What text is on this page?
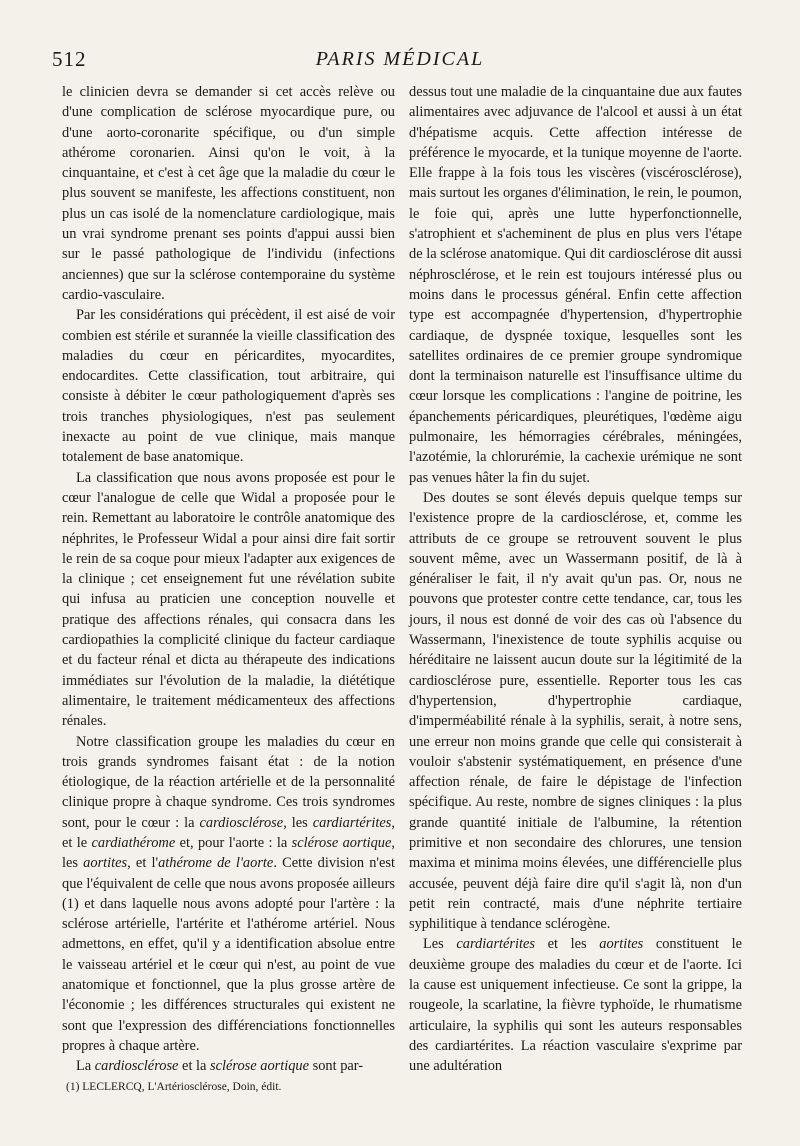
512	PARIS MÉDICAL

le clinicien devra se demander si cet accès relève ou d'une complication de sclérose myocardique pure, ou d'une aorto-coronarite spécifique, ou d'un simple athérome coronarien. Ainsi qu'on le voit, à la cinquantaine, et c'est à cet âge que la maladie du cœur le plus souvent se manifeste, les affections constituent, non plus un cas isolé de la nomenclature cardiologique, mais un vrai syndrome prenant ses points d'appui aussi bien sur le passé pathologique de l'individu (infections anciennes) que sur la sclérose contemporaine du système cardio-vasculaire.

Par les considérations qui précèdent, il est aisé de voir combien est stérile et surannée la vieille classification des maladies du cœur en péricardites, myocardites, endocardites. Cette classification, tout arbitraire, qui consiste à débiter le cœur pathologiquement d'après ses trois tranches physiologiques, n'est pas seulement inexacte au point de vue clinique, mais manque totalement de base anatomique.

La classification que nous avons proposée est pour le cœur l'analogue de celle que Widal a proposée pour le rein. Remettant au laboratoire le contrôle anatomique des néphrites, le Professeur Widal a pour ainsi dire fait sortir le rein de sa coque pour mieux l'adapter aux exigences de la clinique ; cet enseignement fut une révélation subite qui infusa au praticien une conception nouvelle et pratique des affections rénales, qui consacra dans les cardiopathies la complicité clinique du facteur cardiaque et du facteur rénal et dicta au thérapeute des indications immédiates sur l'évolution de la maladie, la diététique alimentaire, le traitement médicamenteux des affections rénales.

Notre classification groupe les maladies du cœur en trois grands syndromes faisant état : de la notion étiologique, de la réaction artérielle et de la personnalité clinique propre à chaque syndrome. Ces trois syndromes sont, pour le cœur : la cardiosclérose, les cardiartérites, et le cardiathérome et, pour l'aorte : la sclérose aortique, les aortites, et l'athérome de l'aorte. Cette division n'est que l'équivalent de celle que nous avons proposée ailleurs (1) et dans laquelle nous avons adopté pour l'artère : la sclérose artérielle, l'artérite et l'athérome artériel. Nous admettons, en effet, qu'il y a identification absolue entre le vaisseau artériel et le cœur qui n'est, au point de vue anatomique et fonctionnel, que la plus grosse artère de l'économie ; les différences structurales qui existent ne sont que l'expression des différenciations fonctionnelles propres à chaque artère.

La cardiosclérose et la sclérose aortique sont par-

(1) LECLERCQ, L'Artériosclérose, Doin, édit.

dessus tout une maladie de la cinquantaine due aux fautes alimentaires avec adjuvance de l'alcool et aussi à un état d'hépatisme acquis. Cette affection intéresse de préférence le myocarde, et la tunique moyenne de l'aorte. Elle frappe à la fois tous les viscères (viscérosclérose), mais surtout les organes d'élimination, le rein, le poumon, le foie qui, après une lutte hyperfonctionnelle, s'atrophient et s'acheminent de plus en plus vers l'étape de la sclérose anatomique. Qui dit cardiosclérose dit aussi néphrosclérose, et le rein est toujours intéressé plus ou moins dans le processus général. Enfin cette affection type est accompagnée d'hypertension, d'hypertrophie cardiaque, de dyspnée toxique, lesquelles sont les satellites ordinaires de ce premier groupe syndromique dont la terminaison naturelle est l'insuffisance ultime du cœur lorsque les complications : l'angine de poitrine, les épanchements péricardiques, pleurétiques, l'œdème aigu pulmonaire, les hémorragies cérébrales, méningées, l'azotémie, la chlorurémie, la cachexie urémique ne sont pas venues hâter la fin du sujet.

Des doutes se sont élevés depuis quelque temps sur l'existence propre de la cardiosclérose, et, comme les attributs de ce groupe se retrouvent souvent le plus souvent même, avec un Wassermann positif, de là à généraliser le fait, il n'y avait qu'un pas. Or, nous ne pouvons que protester contre cette tendance, car, tous les jours, il nous est donné de voir des cas où l'absence du Wassermann, l'inexistence de toute syphilis acquise ou héréditaire ne laissent aucun doute sur la légitimité de la cardiosclérose pure, essentielle. Reporter tous les cas d'hypertension, d'hypertrophie cardiaque, d'imperméabilité rénale à la syphilis, serait, à notre sens, une erreur non moins grande que celle qui consisterait à vouloir s'abstenir systématiquement, en présence d'une affection rénale, de faire le dépistage de l'infection spécifique. Au reste, nombre de signes cliniques : la plus grande quantité initiale de l'albumine, la rétention primitive et non secondaire des chlorures, une tension maxima et minima moins élevées, une différencielle plus accusée, peuvent déjà faire dire qu'il s'agit là, non d'un petit rein contracté, mais d'une néphrite tertiaire syphilitique à tendance sclérogène.

Les cardiartérites et les aortites constituent le deuxième groupe des maladies du cœur et de l'aorte. Ici la cause est uniquement infectieuse. Ce sont la grippe, la rougeole, la scarlatine, la fièvre typhoïde, le rhumatisme articulaire, la syphilis qui sont les auteurs responsables des cardiartérites. La réaction vasculaire s'exprime par une adultération
